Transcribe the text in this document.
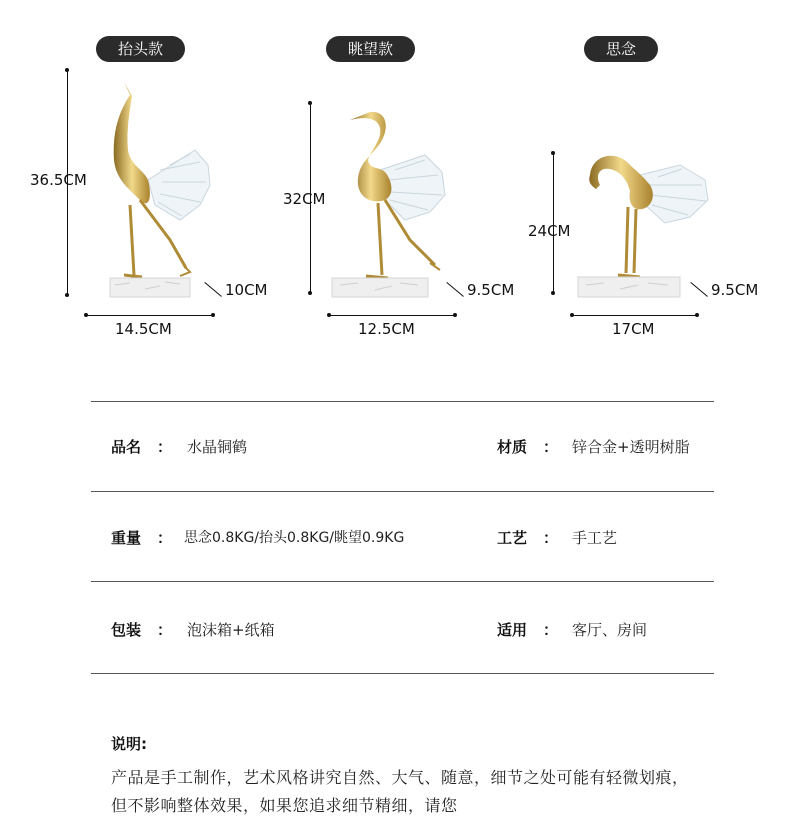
抬头款	眺望款	思念
36.5CM
10CM
14.5CM
32CM
9.5CM
12.5CM
24CM
9.5CM
17CM
品名 ： 水晶铜鹤	材质 ： 锌合金+透明树脂
重量 ： 思念0.8KG/抬头0.8KG/眺望0.9KG	工艺 ： 手工艺
包装 ： 泡沫箱+纸箱	适用 ： 客厅、房间
说明:
产品是手工制作，艺术风格讲究自然、大气、随意，细节之处可能有轻微划痕，但不影响整体效果，如果您追求细节精细，请您
